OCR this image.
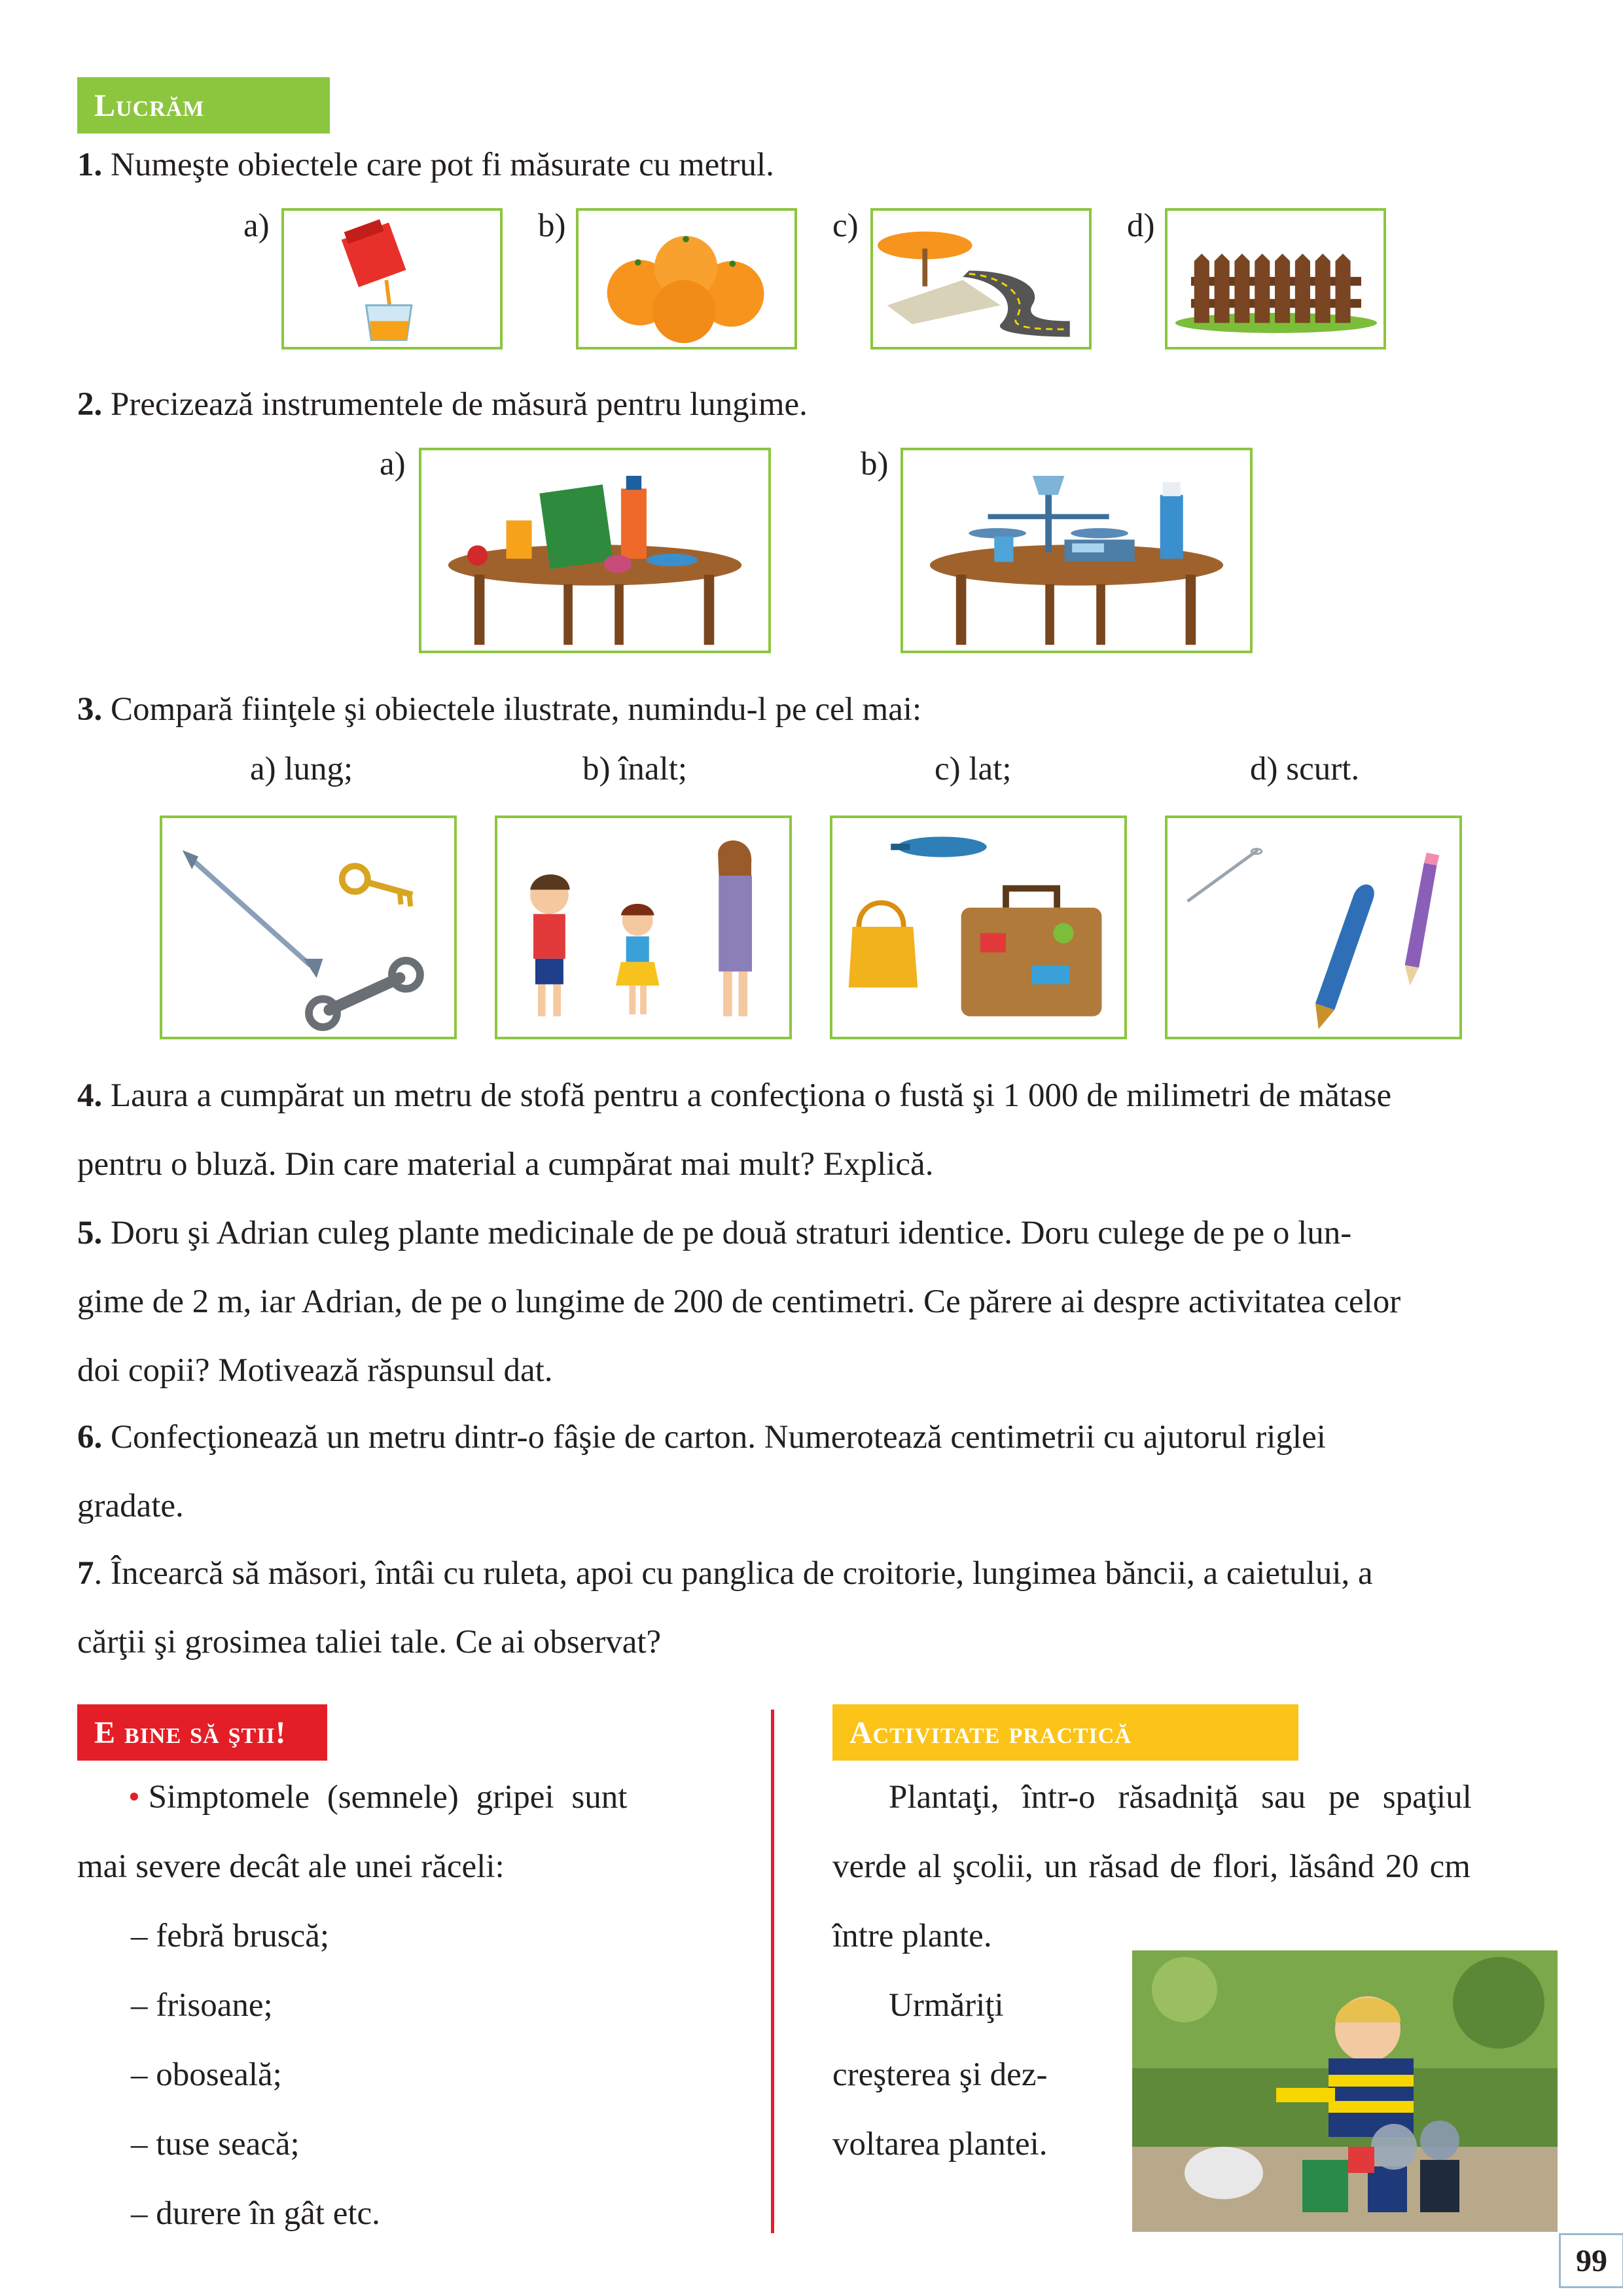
Lucrăm
1. Numeşte obiectele care pot fi măsurate cu metrul.
a)	b)	c)	d)
2. Precizează instrumentele de măsură pentru lungime.
a)	b)
3. Compară fiinţele şi obiectele ilustrate, numindu-l pe cel mai:
a) lung;	b) înalt;	c) lat;	d) scurt.
4. Laura a cumpărat un metru de stofă pentru a confecţiona o fustă şi 1 000 de milimetri de mătase
pentru o bluză. Din care material a cumpărat mai mult? Explică.
5. Doru şi Adrian culeg plante medicinale de pe două straturi identice. Doru culege de pe o lun-
gime de 2 m, iar Adrian, de pe o lungime de 200 de centimetri. Ce părere ai despre activitatea celor
doi copii? Motivează răspunsul dat.
6. Confecţionează un metru dintr-o fâşie de carton. Numerotează centimetrii cu ajutorul riglei
gradate.
7. Încearcă să măsori, întâi cu ruleta, apoi cu panglica de croitorie, lungimea băncii, a caietului, a
cărţii şi grosimea taliei tale. Ce ai observat?
E bine să ştii!
• Simptomele (semnele) gripei sunt
mai severe decât ale unei răceli:
– febră bruscă;
– frisoane;
– oboseală;
– tuse seacă;
– durere în gât etc.
Activitate practică
Plantaţi, într-o răsadniţă sau pe spaţiul
verde al şcolii, un răsad de flori, lăsând 20 cm
între plante.
Urmăriţi
creşterea şi dez-
voltarea plantei.
99
